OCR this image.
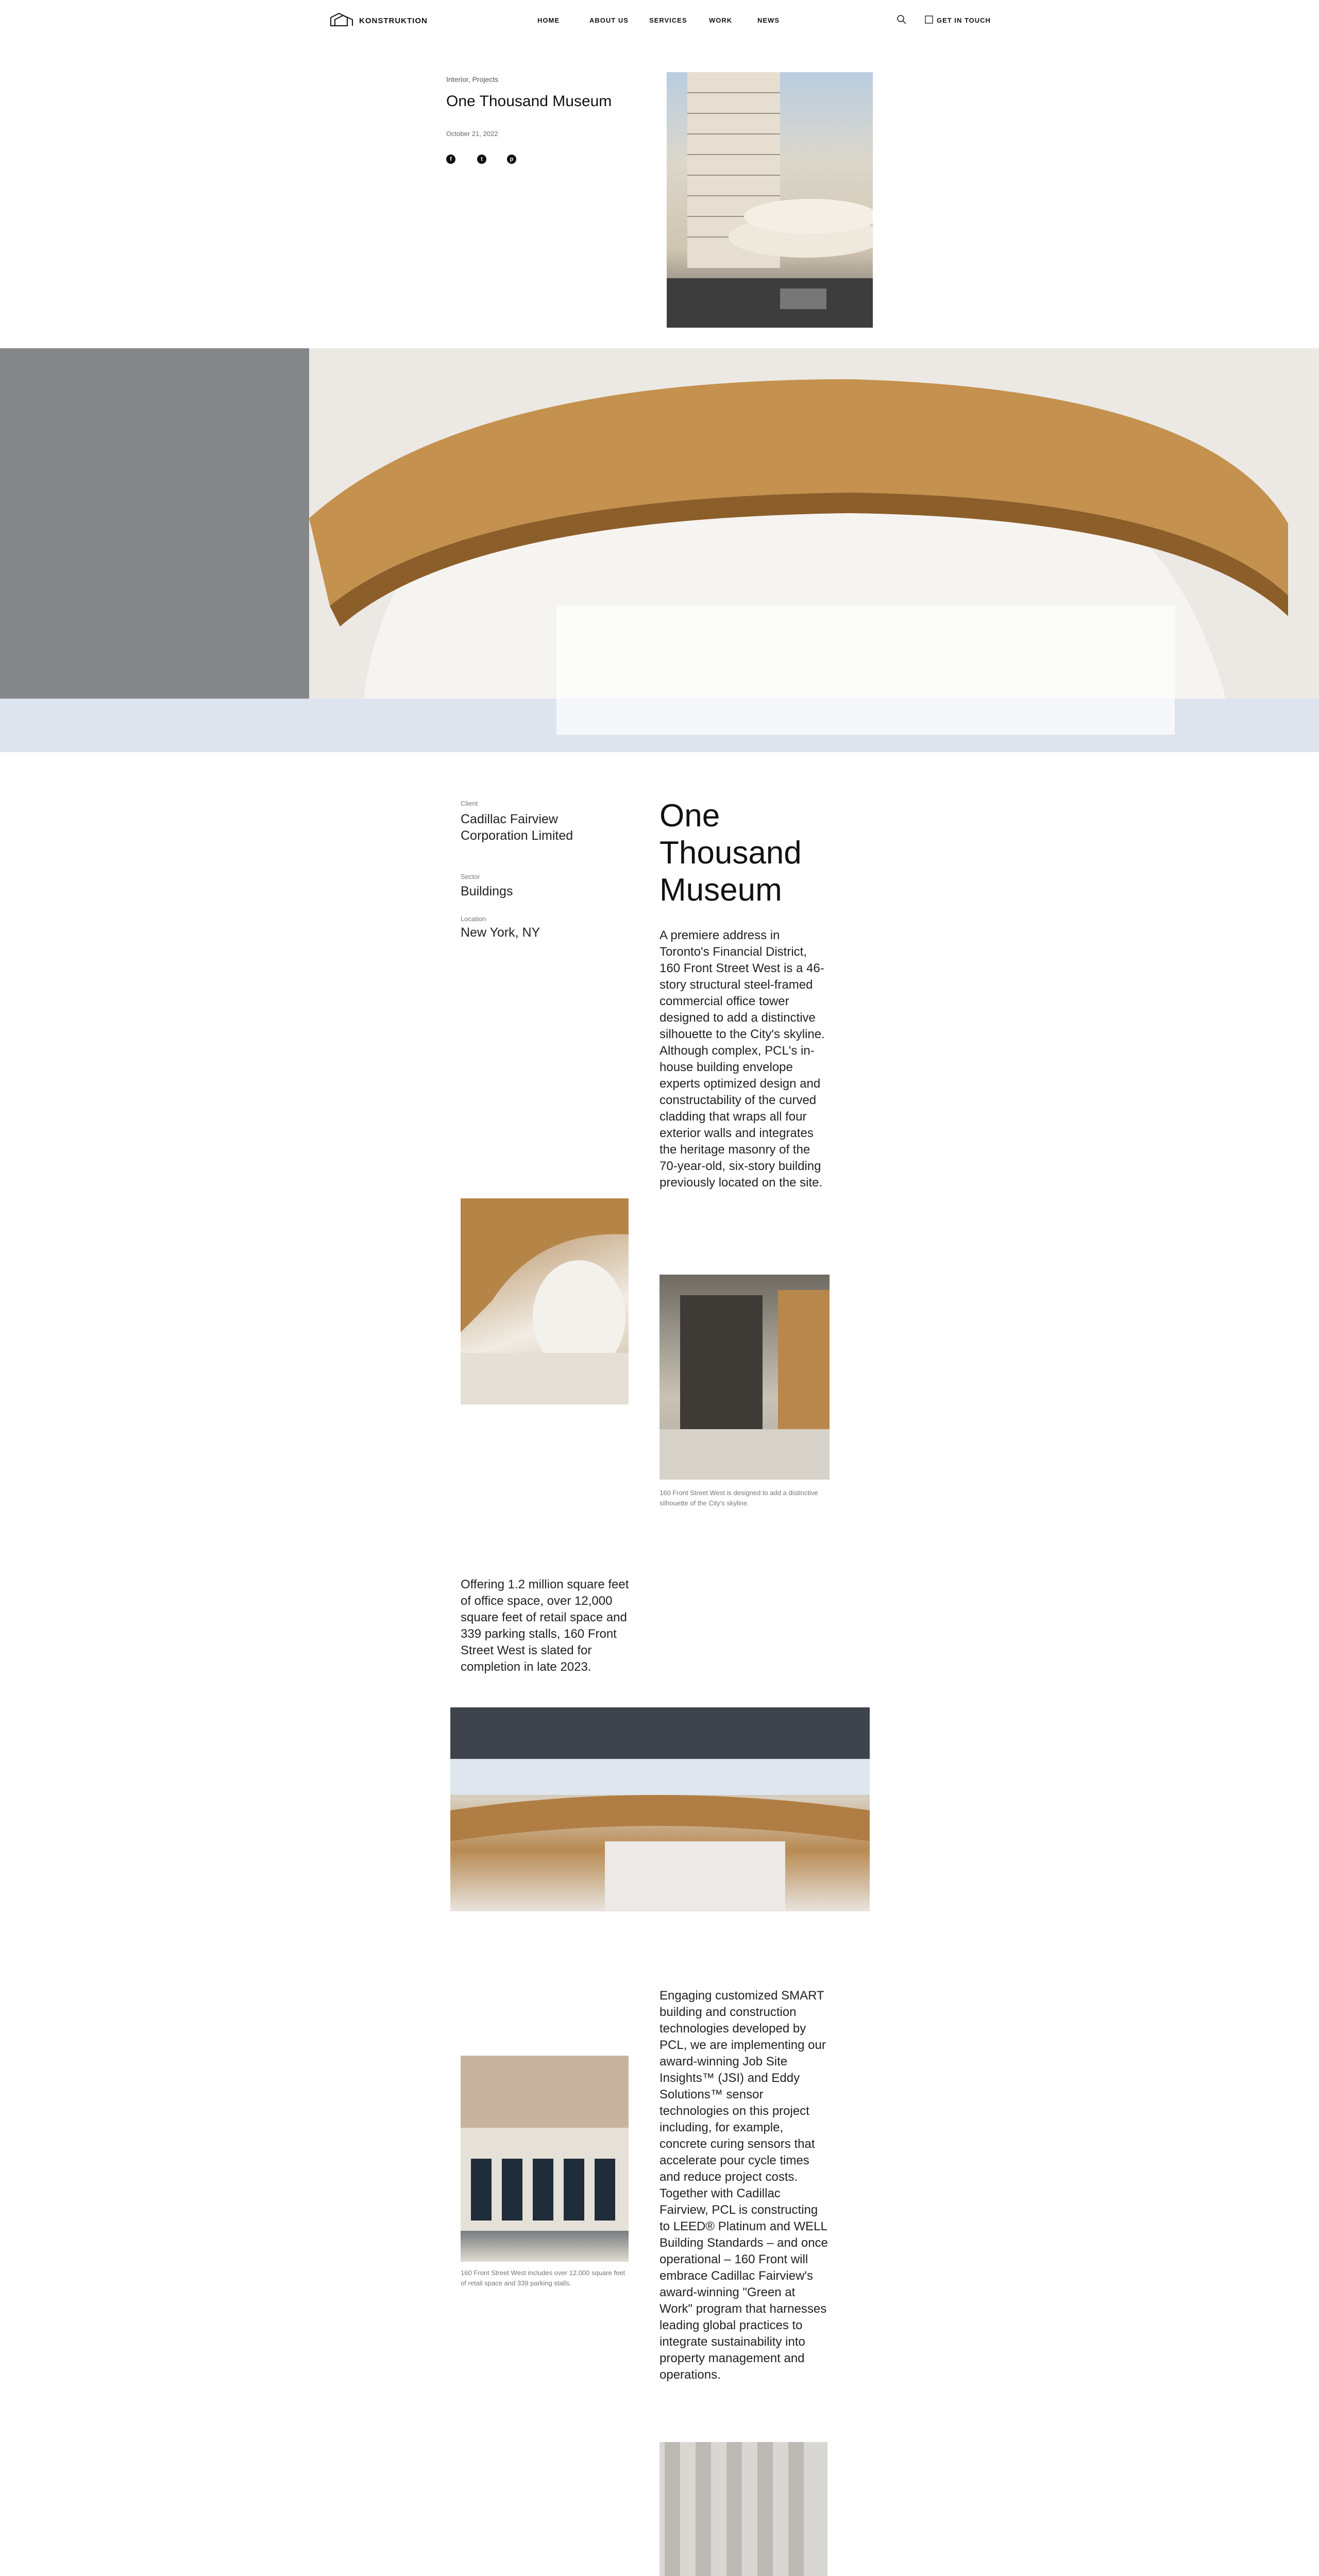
KONSTRUKTION	HOME	ABOUT US	SERVICES	WORK	NEWS	GET IN TOUCH
Interior, Projects
One Thousand Museum
October 21, 2022
f	t	p
Client
Cadillac Fairview Corporation Limited
Sector
Buildings
Location
New York, NY
One Thousand Museum

A premiere address in Toronto's Financial District, 160 Front Street West is a 46-story structural steel-framed commercial office tower designed to add a distinctive silhouette to the City's skyline. Although complex, PCL's in-house building envelope experts optimized design and constructability of the curved cladding that wraps all four exterior walls and integrates the heritage masonry of the 70-year-old, six-story building previously located on the site.

160 Front Street West is designed to add a distinctive silhouette of the City's skyline.

Offering 1.2 million square feet of office space, over 12,000 square feet of retail space and 339 parking stalls, 160 Front Street West is slated for completion in late 2023.

160 Front Street West includes over 12,000 square feet of retail space and 339 parking stalls.

Engaging customized SMART building and construction technologies developed by PCL, we are implementing our award-winning Job Site Insights™ (JSI) and Eddy Solutions™ sensor technologies on this project including, for example, concrete curing sensors that accelerate pour cycle times and reduce project costs. Together with Cadillac Fairview, PCL is constructing to LEED® Platinum and WELL Building Standards – and once operational – 160 Front will embrace Cadillac Fairview's award-winning "Green at Work" program that harnesses leading global practices to integrate sustainability into property management and operations.
